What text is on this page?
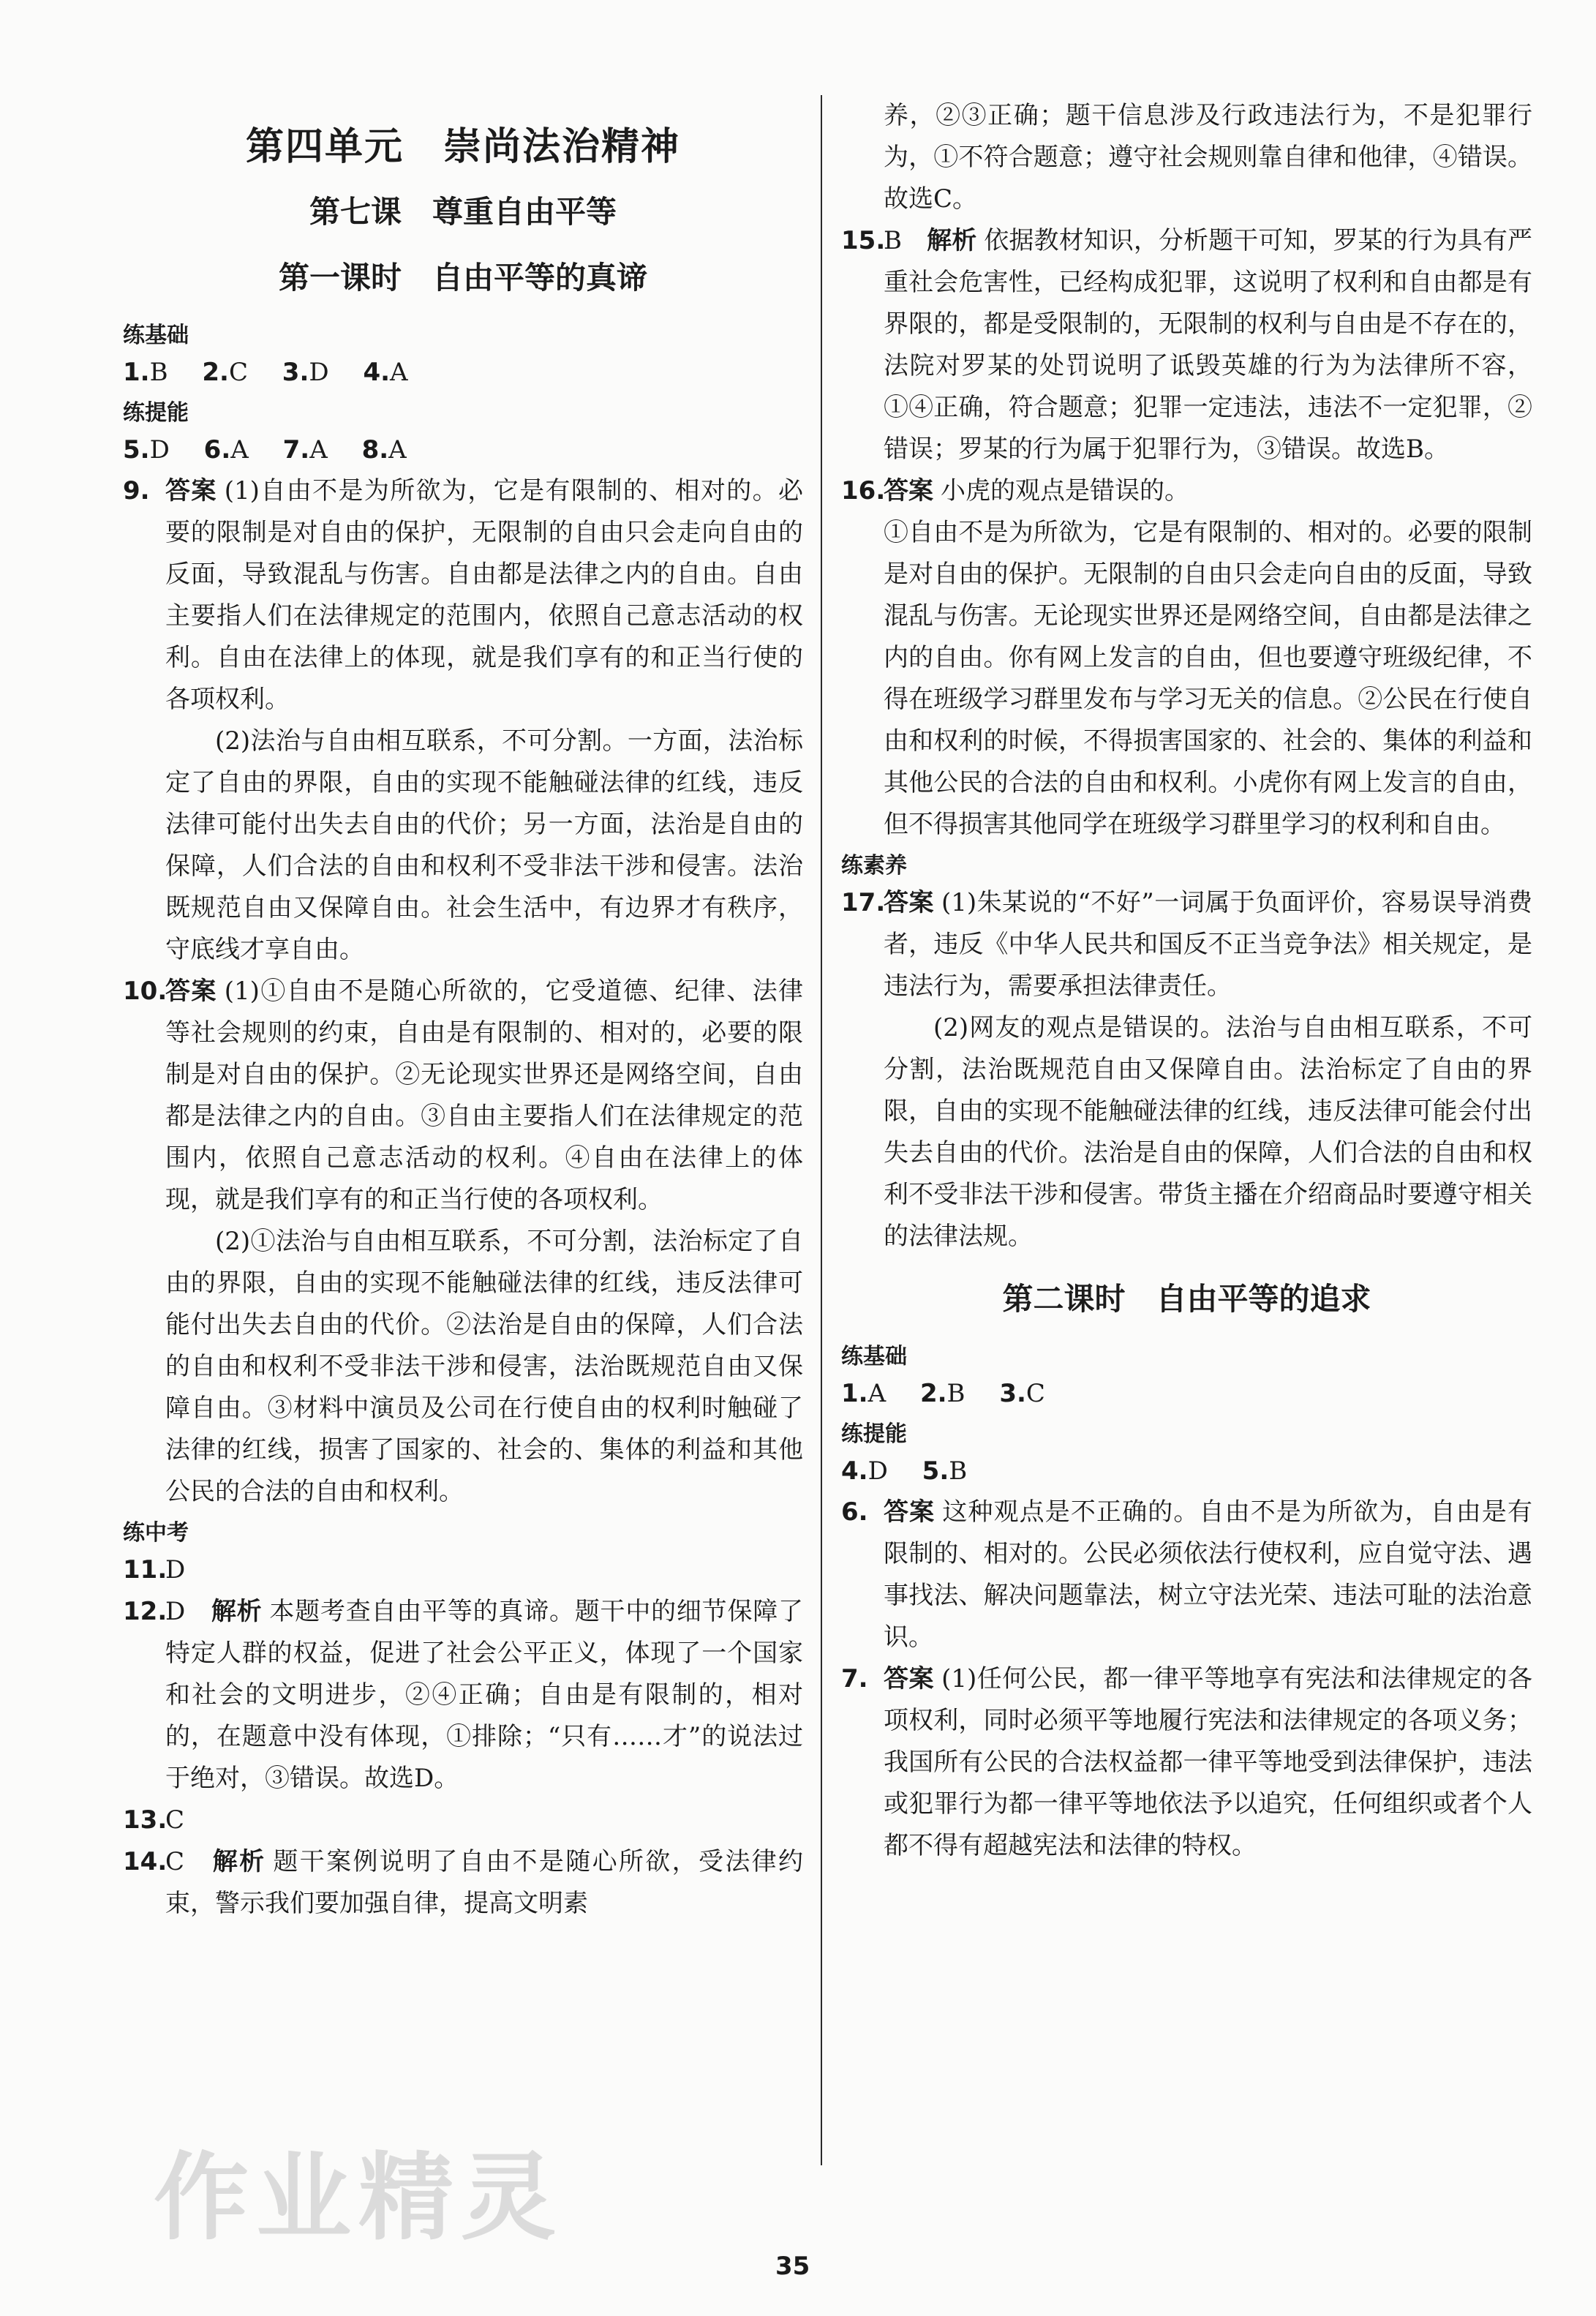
第四单元　崇尚法治精神
第七课　尊重自由平等
第一课时　自由平等的真谛
练基础
1.B 2.C 3.D 4.A
练提能
5.D 6.A 7.A 8.A
9. 答案 (1)自由不是为所欲为，它是有限制的、相对的。必要的限制是对自由的保护，无限制的自由只会走向自由的反面，导致混乱与伤害。自由都是法律之内的自由。自由主要指人们在法律规定的范围内，依照自己意志活动的权利。自由在法律上的体现，就是我们享有的和正当行使的各项权利。
(2)法治与自由相互联系，不可分割。一方面，法治标定了自由的界限，自由的实现不能触碰法律的红线，违反法律可能付出失去自由的代价；另一方面，法治是自由的保障，人们合法的自由和权利不受非法干涉和侵害。法治既规范自由又保障自由。社会生活中，有边界才有秩序，守底线才享自由。
10.
答案 (1)①自由不是随心所欲的，它受道德、纪律、法律等社会规则的约束，自由是有限制的、相对的，必要的限制是对自由的保护。②无论现实世界还是网络空间，自由都是法律之内的自由。③自由主要指人们在法律规定的范围内，依照自己意志活动的权利。④自由在法律上的体现，就是我们享有的和正当行使的各项权利。
(2)①法治与自由相互联系，不可分割，法治标定了自由的界限，自由的实现不能触碰法律的红线，违反法律可能付出失去自由的代价。②法治是自由的保障，人们合法的自由和权利不受非法干涉和侵害，法治既规范自由又保障自由。③材料中演员及公司在行使自由的权利时触碰了法律的红线，损害了国家的、社会的、集体的利益和其他公民的合法的自由和权利。
练中考
11.
D
12.
D　 解析 本题考查自由平等的真谛。题干中的细节保障了特定人群的权益，促进了社会公平正义，体现了一个国家和社会的文明进步，②④正确；自由是有限制的，相对的，在题意中没有体现，①排除；“只有……才”的说法过于绝对，③错误。故选D。
13.
C
14.
C　 解析 题干案例说明了自由不是随心所欲，受法律约束，警示我们要加强自律，提高文明素
养，②③正确；题干信息涉及行政违法行为，不是犯罪行为，①不符合题意；遵守社会规则靠自律和他律，④错误。故选C。
15.
B　 解析 依据教材知识，分析题干可知，罗某的行为具有严重社会危害性，已经构成犯罪，这说明了权利和自由都是有界限的，都是受限制的，无限制的权利与自由是不存在的，法院对罗某的处罚说明了诋毁英雄的行为为法律所不容，①④正确，符合题意；犯罪一定违法，违法不一定犯罪，②错误；罗某的行为属于犯罪行为，③错误。故选B。
16.
答案 小虎的观点是错误的。
①自由不是为所欲为，它是有限制的、相对的。必要的限制是对自由的保护。无限制的自由只会走向自由的反面，导致混乱与伤害。无论现实世界还是网络空间，自由都是法律之内的自由。你有网上发言的自由，但也要遵守班级纪律，不得在班级学习群里发布与学习无关的信息。②公民在行使自由和权利的时候，不得损害国家的、社会的、集体的利益和其他公民的合法的自由和权利。小虎你有网上发言的自由，但不得损害其他同学在班级学习群里学习的权利和自由。
练素养
17.
答案 (1)朱某说的“不好”一词属于负面评价，容易误导消费者，违反《中华人民共和国反不正当竞争法》相关规定，是违法行为，需要承担法律责任。
(2)网友的观点是错误的。法治与自由相互联系，不可分割，法治既规范自由又保障自由。法治标定了自由的界限，自由的实现不能触碰法律的红线，违反法律可能会付出失去自由的代价。法治是自由的保障，人们合法的自由和权利不受非法干涉和侵害。带货主播在介绍商品时要遵守相关的法律法规。
第二课时　自由平等的追求
练基础
1.A 2.B 3.C
练提能
4.D 5.B
6. 答案 这种观点是不正确的。自由不是为所欲为，自由是有限制的、相对的。公民必须依法行使权利，应自觉守法、遇事找法、解决问题靠法，树立守法光荣、违法可耻的法治意识。
7. 答案 (1)任何公民，都一律平等地享有宪法和法律规定的各项权利，同时必须平等地履行宪法和法律规定的各项义务；我国所有公民的合法权益都一律平等地受到法律保护，违法或犯罪行为都一律平等地依法予以追究，任何组织或者个人都不得有超越宪法和法律的特权。
作业精灵
35
